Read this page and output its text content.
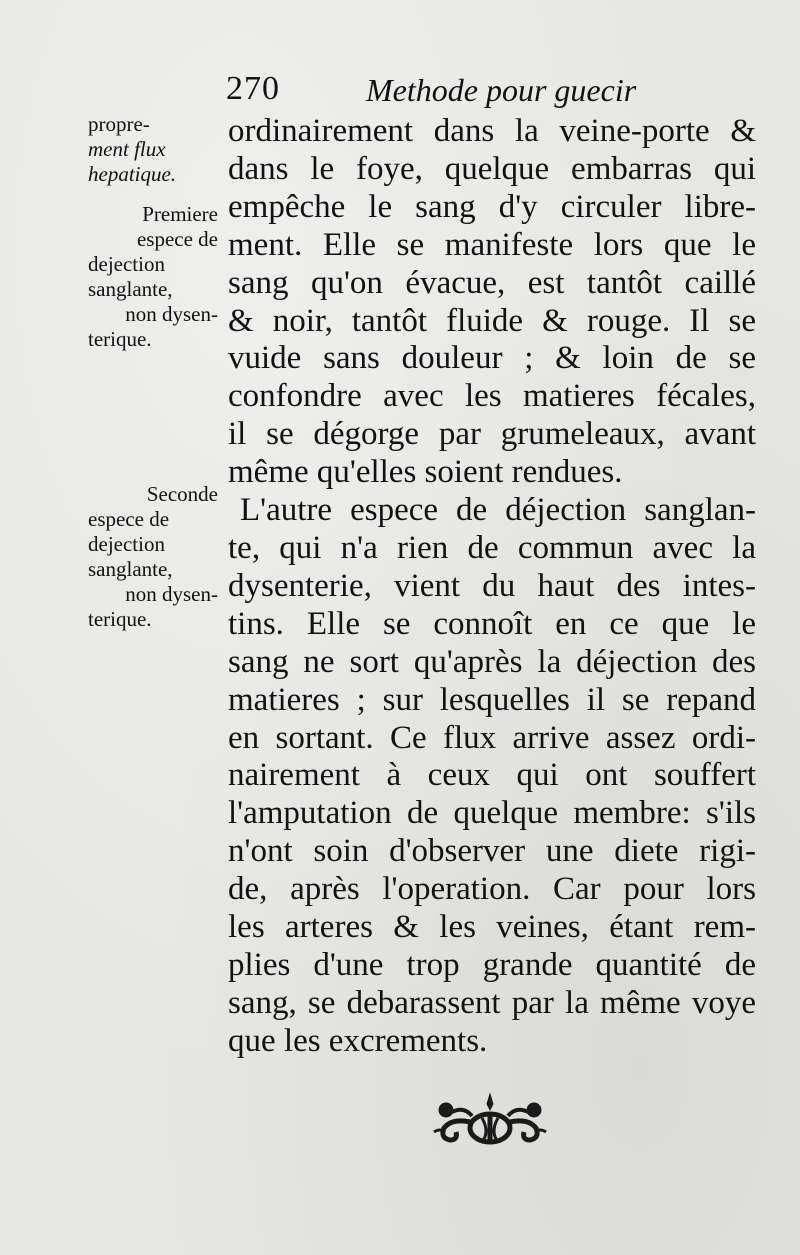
270	Methode pour guecir
propre-
ment flux
hepatique.
Premiere
espece de
dejection
sanglante,
non dysen-
terique.
Seconde
espece de
dejection
sanglante,
non dysen-
terique.
ordinairement dans la veine-porte &
dans le foye, quelque embarras qui
empêche le sang d'y circuler libre-
ment. Elle se manifeste lors que le
sang qu'on évacue, est tantôt caillé
& noir, tantôt fluide & rouge. Il se
vuide sans douleur ; & loin de se
confondre avec les matieres fécales,
il se dégorge par grumeleaux, avant
même qu'elles soient rendues.
L'autre espece de déjection sanglan-
te, qui n'a rien de commun avec la
dysenterie, vient du haut des intes-
tins. Elle se connoît en ce que le
sang ne sort qu'après la déjection des
matieres ; sur lesquelles il se repand
en sortant. Ce flux arrive assez ordi-
nairement à ceux qui ont souffert
l'amputation de quelque membre: s'ils
n'ont soin d'observer une diete rigi-
de, après l'operation. Car pour lors
les arteres & les veines, étant rem-
plies d'une trop grande quantité de
sang, se debarassent par la même voye
que les excrements.
